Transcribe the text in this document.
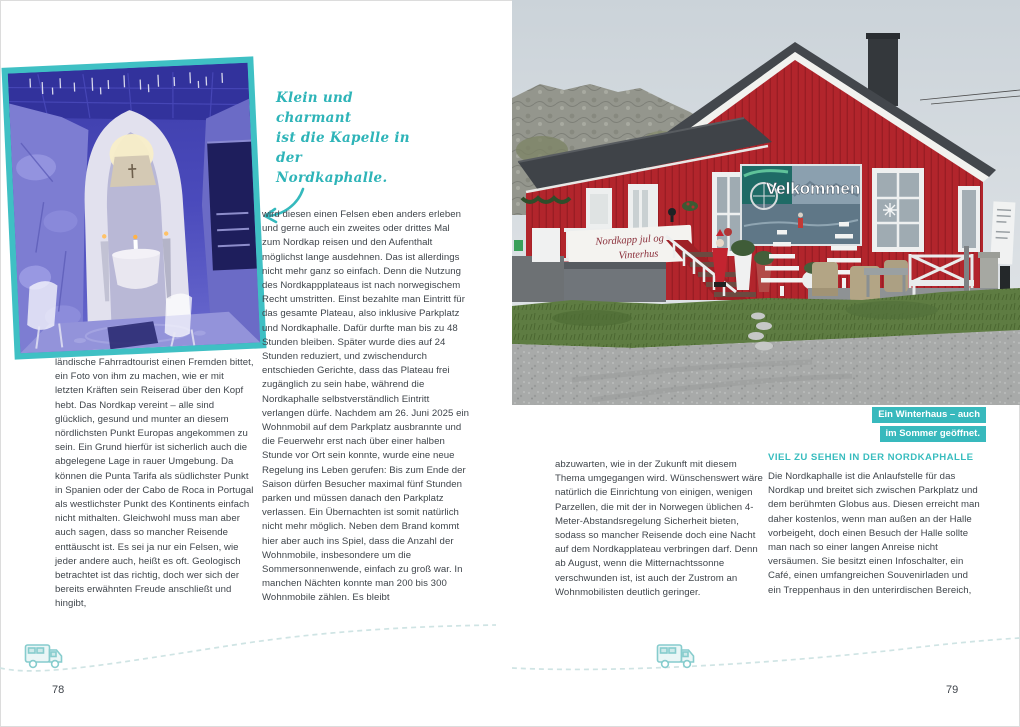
Klein und charmant
ist die Kapelle in der
Nordkaphalle.
ländische Fahrradtourist einen Fremden bittet, ein Foto von ihm zu machen, wie er mit letzten Kräften sein Reiserad über den Kopf hebt. Das Nordkap vereint – alle sind glücklich, gesund und munter an diesem nördlichsten Punkt Europas angekommen zu sein. Ein Grund hierfür ist sicherlich auch die abgelegene Lage in rauer Umgebung. Da können die Punta Tarifa als südlichster Punkt in Spanien oder der Cabo de Roca in Portugal als westlichster Punkt des Kontinents einfach nicht mithalten. Gleichwohl muss man aber auch sagen, dass so mancher Reisende enttäuscht ist. Es sei ja nur ein Felsen, wie jeder andere auch, heißt es oft. Geologisch betrachtet ist das richtig, doch wer sich der bereits erwähnten Freude anschließt und hingibt,
wird diesen einen Felsen eben anders erleben und gerne auch ein zweites oder drittes Mal zum Nordkap reisen und den Aufenthalt möglichst lange ausdehnen. Das ist allerdings nicht mehr ganz so einfach. Denn die Nutzung des Nordkappplateaus ist nach norwegischem Recht umstritten. Einst bezahlte man Eintritt für das gesamte Plateau, also inklusive Parkplatz und Nordkaphalle. Dafür durfte man bis zu 48 Stunden bleiben. Später wurde dies auf 24 Stunden reduziert, und zwischendurch entschieden Gerichte, dass das Plateau frei zugänglich zu sein habe, während die Nordkaphalle selbstverständlich Eintritt verlangen dürfe. Nachdem am 26. Juni 2025 ein Wohnmobil auf dem Parkplatz ausbrannte und die Feuerwehr erst nach über einer halben Stunde vor Ort sein konnte, wurde eine neue Regelung ins Leben gerufen: Bis zum Ende der Saison dürfen Besucher maximal fünf Stunden parken und müssen danach den Parkplatz verlassen. Ein Übernachten ist somit natürlich nicht mehr möglich. Neben dem Brand kommt hier aber auch ins Spiel, dass die Anzahl der Wohnmobile, insbesondere um die Sommersonnenwende, einfach zu groß war. In manchen Nächten konnte man 200 bis 300 Wohnmobile zählen. Es bleibt
78
Velkommen
Nordkapp jul og
Vinterhus
Ein Winterhaus – auch
im Sommer geöffnet.
abzuwarten, wie in der Zukunft mit diesem Thema umgegangen wird. Wünschenswert wäre natürlich die Einrichtung von einigen, wenigen Parzellen, die mit der in Norwegen üblichen 4-Meter-Abstandsregelung Sicherheit bieten, sodass so mancher Reisende doch eine Nacht auf dem Nordkapplateau verbringen darf. Denn ab August, wenn die Mitternachtssonne verschwunden ist, ist auch der Zustrom an Wohnmobilisten deutlich geringer.
VIEL ZU SEHEN IN DER NORDKAPHALLE
Die Nordkaphalle ist die Anlaufstelle für das Nordkap und breitet sich zwischen Parkplatz und dem berühmten Globus aus. Diesen erreicht man daher kostenlos, wenn man außen an der Halle vorbeigeht, doch einen Besuch der Halle sollte man nach so einer langen Anreise nicht versäumen. Sie besitzt einen Infoschalter, ein Café, einen umfangreichen Souvenirladen und ein Treppenhaus in den unterirdischen Bereich,
79
